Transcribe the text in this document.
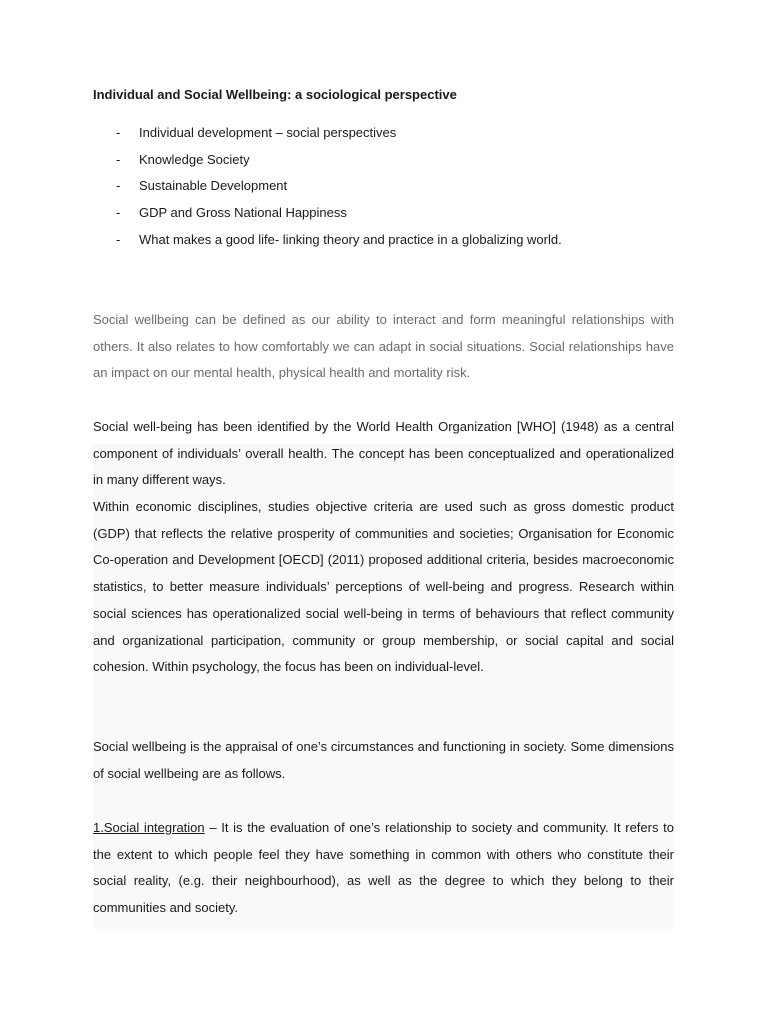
Individual and Social Wellbeing: a sociological perspective
- Individual development – social perspectives
- Knowledge Society
- Sustainable Development
- GDP and Gross National Happiness
- What makes a good life- linking theory and practice in a globalizing world.

Social wellbeing can be defined as our ability to interact and form meaningful relationships with others. It also relates to how comfortably we can adapt in social situations. Social relationships have an impact on our mental health, physical health and mortality risk.

Social well-being has been identified by the World Health Organization [WHO] (1948) as a central component of individuals’ overall health. The concept has been conceptualized and operationalized in many different ways.

Within economic disciplines, studies objective criteria are used such as gross domestic product (GDP) that reflects the relative prosperity of communities and societies; Organisation for Economic Co-operation and Development [OECD] (2011) proposed additional criteria, besides macroeconomic statistics, to better measure individuals’ perceptions of well-being and progress. Research within social sciences has operationalized social well-being in terms of behaviours that reflect community and organizational participation, community or group membership, or social capital and social cohesion. Within psychology, the focus has been on individual-level.

Social wellbeing is the appraisal of one’s circumstances and functioning in society. Some dimensions of social wellbeing are as follows.

1.Social integration – It is the evaluation of one’s relationship to society and community. It refers to the extent to which people feel they have something in common with others who constitute their social reality, (e.g. their neighbourhood), as well as the degree to which they belong to their communities and society.
